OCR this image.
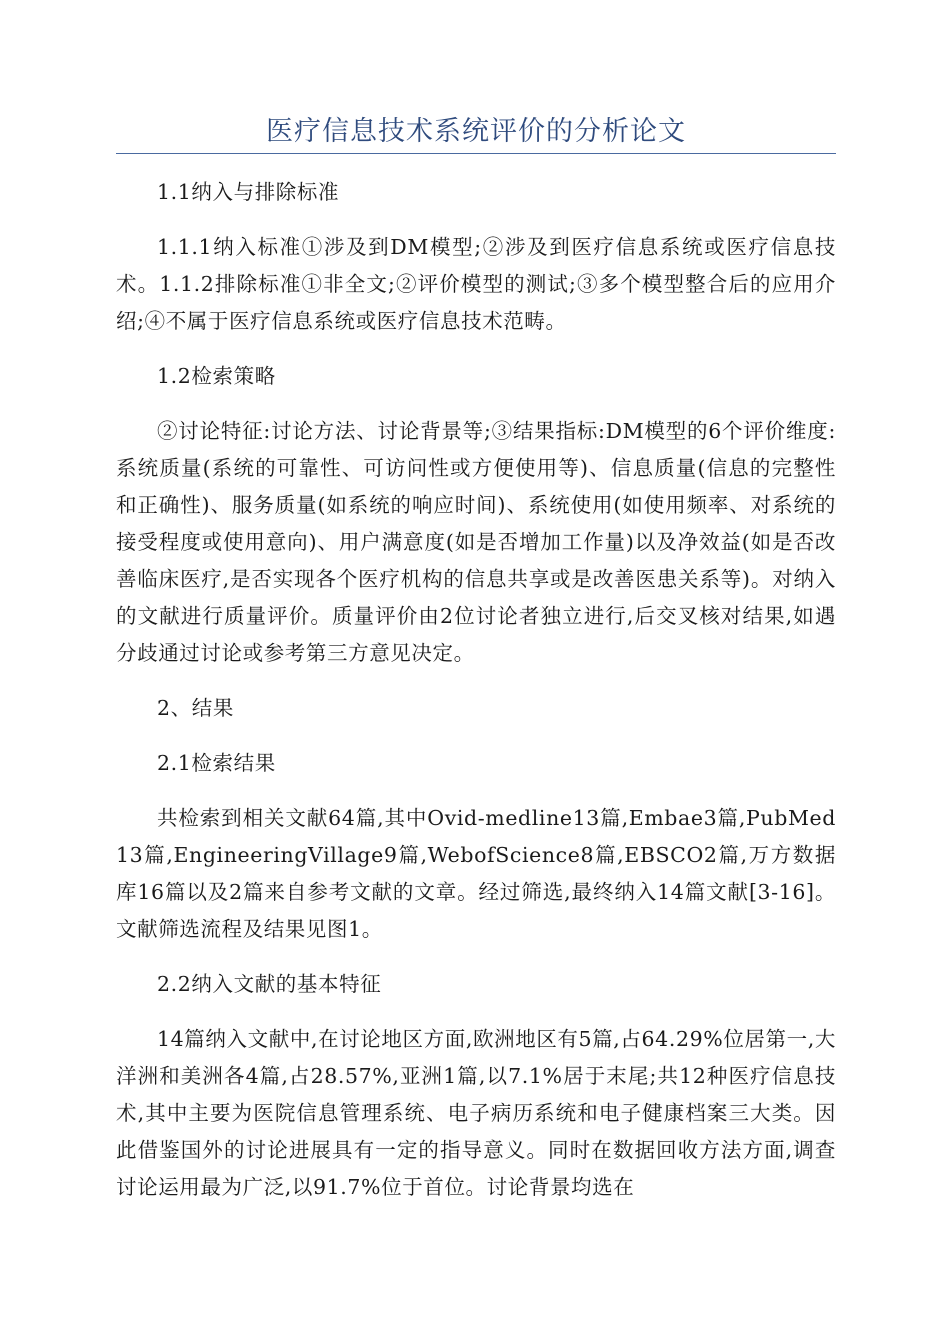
医疗信息技术系统评价的分析论文

1.1纳入与排除标准

1.1.1纳入标准①涉及到DM模型;②涉及到医疗信息系统或医疗信息技术。1.1.2排除标准①非全文;②评价模型的测试;③多个模型整合后的应用介绍;④不属于医疗信息系统或医疗信息技术范畴。

1.2检索策略

②讨论特征:讨论方法、讨论背景等;③结果指标:DM模型的6个评价维度:系统质量(系统的可靠性、可访问性或方便使用等)、信息质量(信息的完整性和正确性)、服务质量(如系统的响应时间)、系统使用(如使用频率、对系统的接受程度或使用意向)、用户满意度(如是否增加工作量)以及净效益(如是否改善临床医疗,是否实现各个医疗机构的信息共享或是改善医患关系等)。对纳入的文献进行质量评价。质量评价由2位讨论者独立进行,后交叉核对结果,如遇分歧通过讨论或参考第三方意见决定。

2、结果

2.1检索结果

共检索到相关文献64篇,其中Ovid-medline13篇,Embae3篇,PubMed13篇,EngineeringVillage9篇,WebofScience8篇,EBSCO2篇,万方数据库16篇以及2篇来自参考文献的文章。经过筛选,最终纳入14篇文献[3-16]。文献筛选流程及结果见图1。

2.2纳入文献的基本特征

14篇纳入文献中,在讨论地区方面,欧洲地区有5篇,占64.29%位居第一,大洋洲和美洲各4篇,占28.57%,亚洲1篇,以7.1%居于末尾;共12种医疗信息技术,其中主要为医院信息管理系统、电子病历系统和电子健康档案三大类。因此借鉴国外的讨论进展具有一定的指导意义。同时在数据回收方法方面,调查讨论运用最为广泛,以91.7%位于首位。讨论背景均选在
